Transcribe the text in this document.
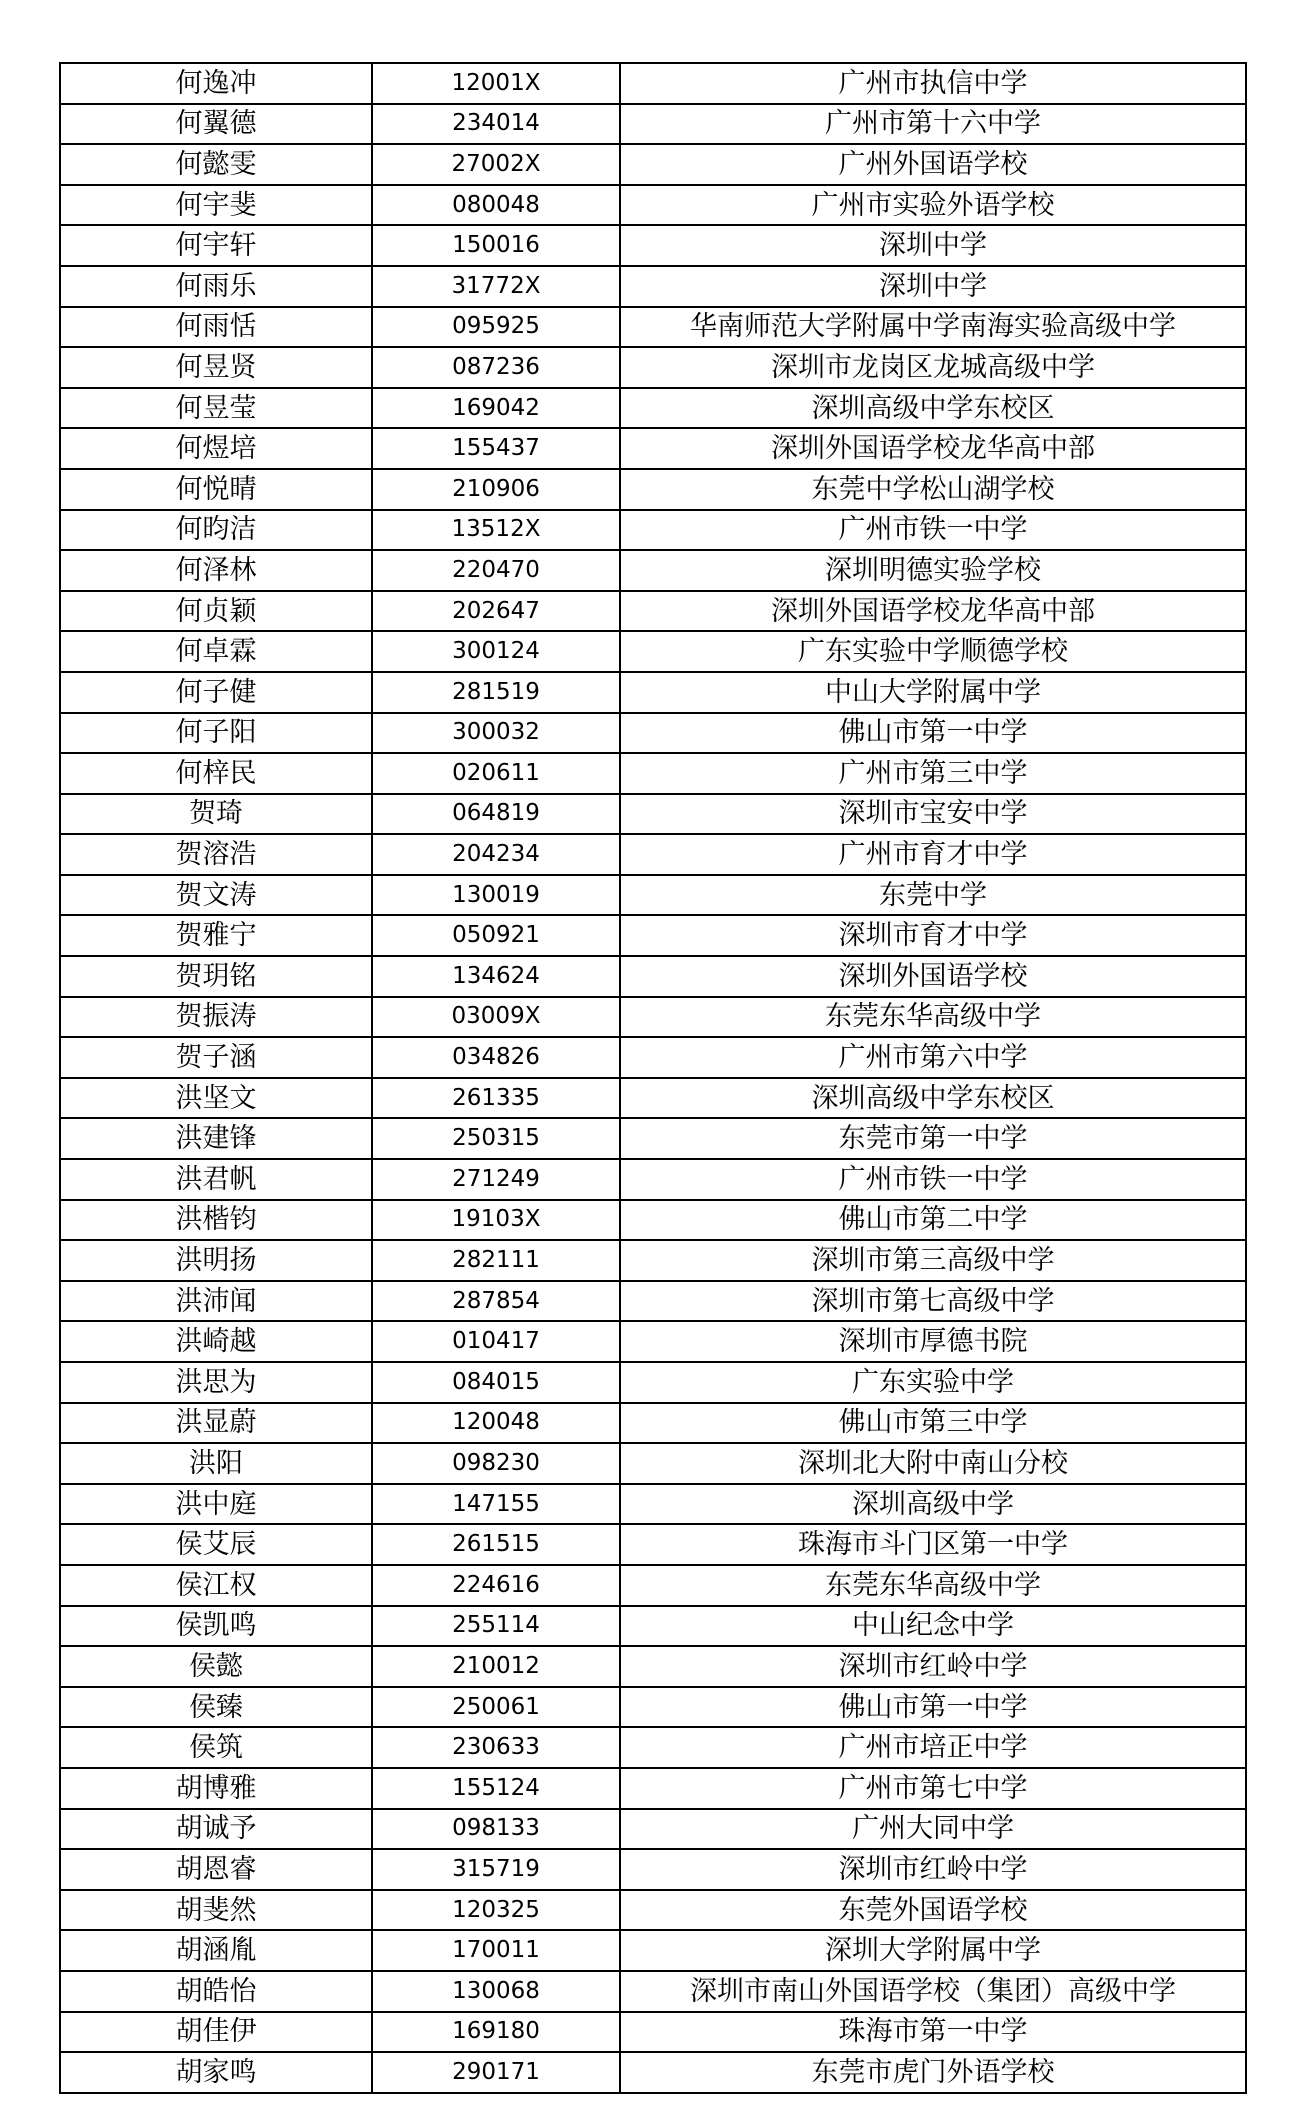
何逸冲	12001X	广州市执信中学
何翼德	234014	广州市第十六中学
何懿雯	27002X	广州外国语学校
何宇斐	080048	广州市实验外语学校
何宇轩	150016	深圳中学
何雨乐	31772X	深圳中学
何雨恬	095925	华南师范大学附属中学南海实验高级中学
何昱贤	087236	深圳市龙岗区龙城高级中学
何昱莹	169042	深圳高级中学东校区
何煜培	155437	深圳外国语学校龙华高中部
何悦晴	210906	东莞中学松山湖学校
何昀洁	13512X	广州市铁一中学
何泽林	220470	深圳明德实验学校
何贞颖	202647	深圳外国语学校龙华高中部
何卓霖	300124	广东实验中学顺德学校
何子健	281519	中山大学附属中学
何子阳	300032	佛山市第一中学
何梓民	020611	广州市第三中学
贺琦	064819	深圳市宝安中学
贺溶浩	204234	广州市育才中学
贺文涛	130019	东莞中学
贺雅宁	050921	深圳市育才中学
贺玥铭	134624	深圳外国语学校
贺振涛	03009X	东莞东华高级中学
贺子涵	034826	广州市第六中学
洪坚文	261335	深圳高级中学东校区
洪建锋	250315	东莞市第一中学
洪君帆	271249	广州市铁一中学
洪楷钧	19103X	佛山市第二中学
洪明扬	282111	深圳市第三高级中学
洪沛闻	287854	深圳市第七高级中学
洪崎越	010417	深圳市厚德书院
洪思为	084015	广东实验中学
洪显蔚	120048	佛山市第三中学
洪阳	098230	深圳北大附中南山分校
洪中庭	147155	深圳高级中学
侯艾辰	261515	珠海市斗门区第一中学
侯江权	224616	东莞东华高级中学
侯凯鸣	255114	中山纪念中学
侯懿	210012	深圳市红岭中学
侯臻	250061	佛山市第一中学
侯筑	230633	广州市培正中学
胡博雅	155124	广州市第七中学
胡诚予	098133	广州大同中学
胡恩睿	315719	深圳市红岭中学
胡斐然	120325	东莞外国语学校
胡涵胤	170011	深圳大学附属中学
胡皓怡	130068	深圳市南山外国语学校（集团）高级中学
胡佳伊	169180	珠海市第一中学
胡家鸣	290171	东莞市虎门外语学校
